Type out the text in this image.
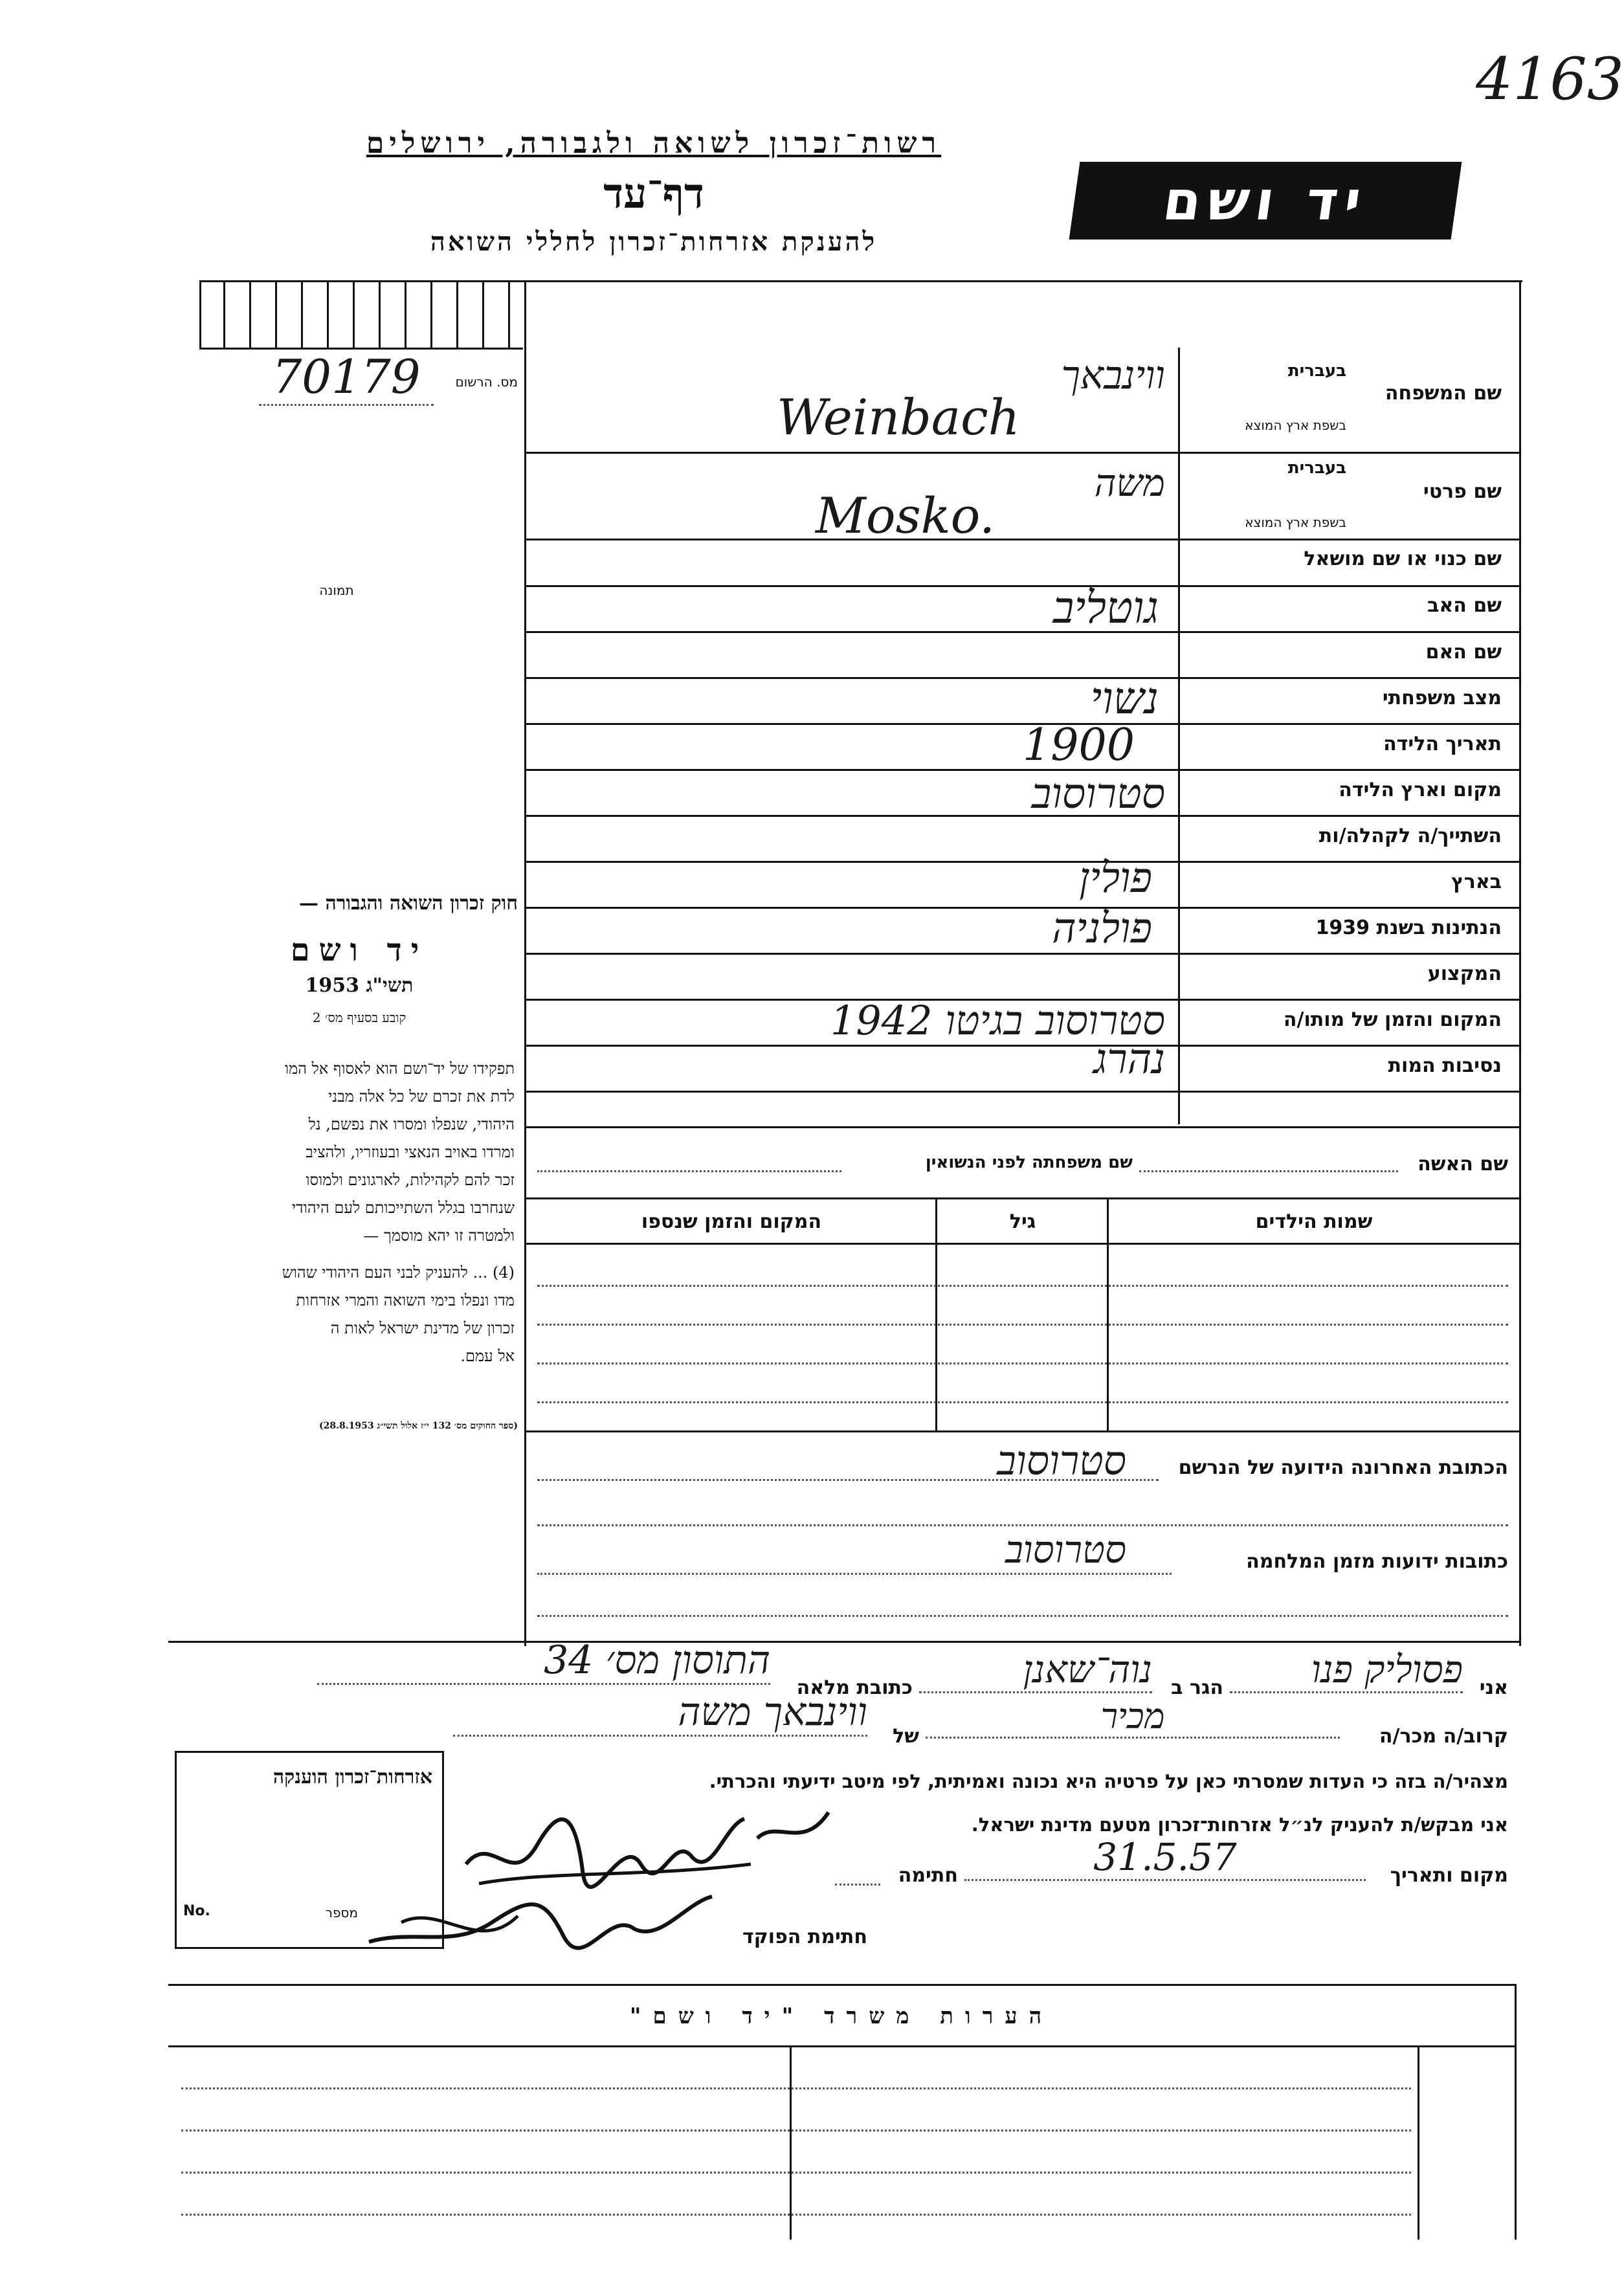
4163
רשות־זכרון לשואה ולגבורה, ירושלים
דף־עד
להענקת אזרחות־זכרון לחללי השואה
יד ושם
מס. הרשום
70179
תמונה
שם המשפחה
בעברית
בשפת ארץ המוצא
ווינבאך
Weinbach
שם פרטי
בעברית
בשפת ארץ המוצא
משה
Mosko.
שם כנוי או שם מושאל
שם האב
גוטליב
שם האם
מצב משפחתי
נשוי
תאריך הלידה
1900
מקום וארץ הלידה
סטרוסוב
השתייך/ה לקהלה/ות
בארץ
פולין
הנתינות בשנת 1939
פולניה
המקצוע
המקום והזמן של מותו/ה
סטרוסוב בגיטו 1942
נסיבות המות
נהרג
שם האשה
שם משפחתה לפני הנשואין
שמות הילדים
גיל
המקום והזמן שנספו
חוק זכרון השואה והגבורה —
יד ושם
תשי"ג 1953
קובע בסעיף מס׳ 2
תפקידו של יד־ושם הוא לאסוף אל המו
לדת את זכרם של כל אלה מבני
היהודי, שנפלו ומסרו את נפשם, נל
ומרדו באויב הנאצי ובעוזריו, ולהציב
זכר להם לקהילות, לארגונים ולמוסו
שנחרבו בגלל השתייכותם לעם היהודי
ולמטרה זו יהא מוסמך —
(4) ... להעניק לבני העם היהודי שהוש
מדו ונפלו בימי השואה והמרי אזרחות
זכרון של מדינת ישראל לאות ה
אל עמם.
(ספר החוקים מס׳ 132 י״ז אלול תשי״ג 28.8.1953)
הכתובת האחרונה הידועה של הנרשם
סטרוסוב
כתובות ידועות מזמן המלחמה
סטרוסוב
אני
פסוליק פנו
הגר ב
נוה־שאנן
כתובת מלאה
התוסון מס׳ 34
קרוב/ה מכר/ה
מכיר
של
ווינבאך משה
מצהיר/ה בזה כי העדות שמסרתי כאן על פרטיה היא נכונה ואמיתית, לפי מיטב ידיעתי והכרתי.
אני מבקש/ת להעניק לנ״ל אזרחות־זכרון מטעם מדינת ישראל.
מקום ותאריך
31.5.57
חתימה
חתימת הפוקד
אזרחות־זכרון הוענקה
מספר
No.
הערות משרד "יד ושם"
